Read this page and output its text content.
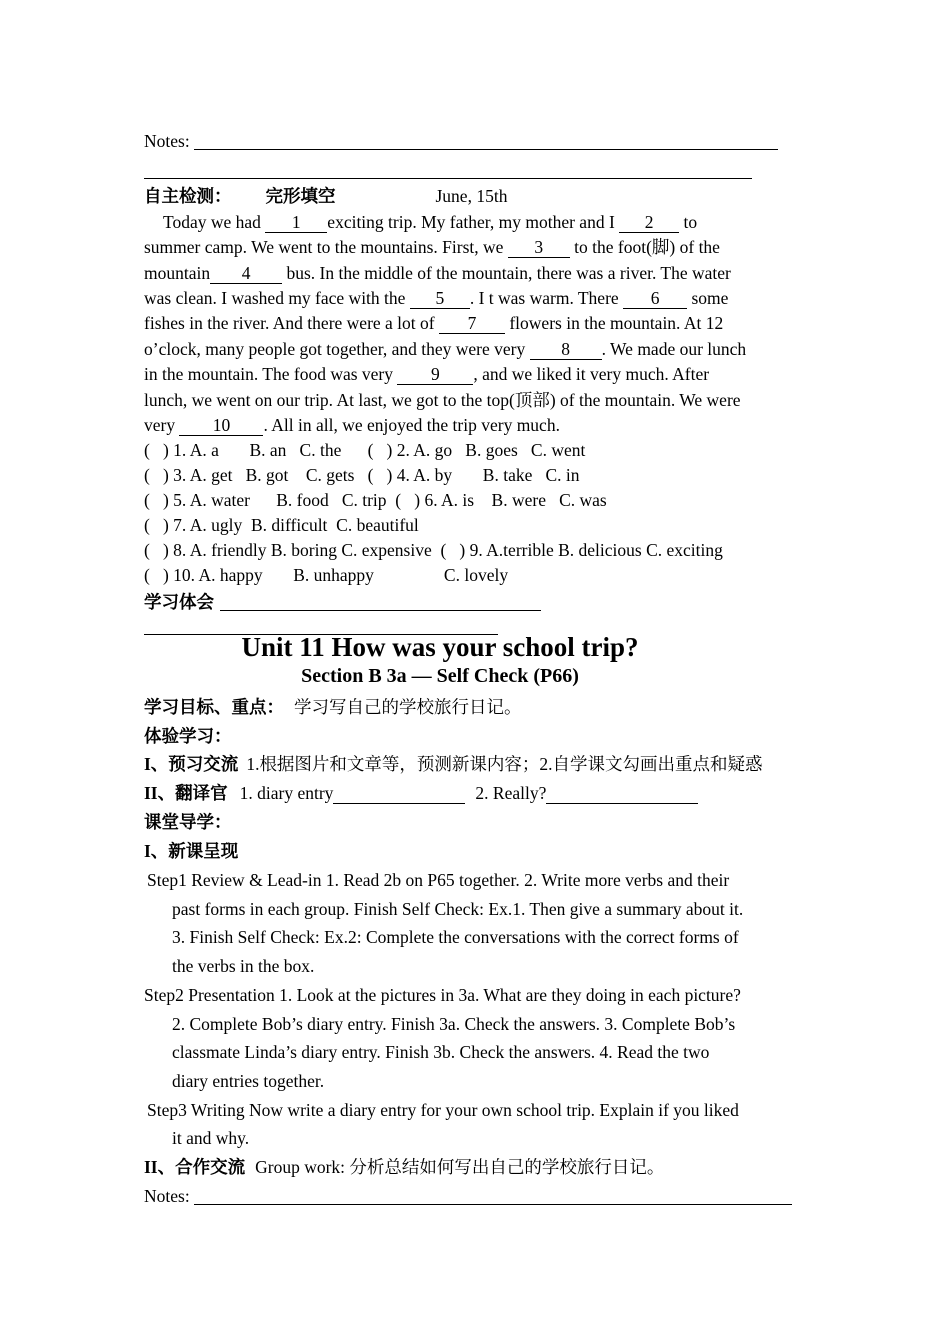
Notes:
自主检测： 完形填空	June, 15th
Today we had 1 exciting trip. My father, my mother and I 2 to
summer camp. We went to the mountains. First, we 3 to the foot(脚) of the
mountain 4 bus. In the middle of the mountain, there was a river. The water
was clean. I washed my face with the 5 . I t was warm. There 6 some
fishes in the river. And there were a lot of 7 flowers in the mountain. At 12
o’clock, many people got together, and they were very 8 . We made our lunch
in the mountain. The food was very 9 , and we liked it very much. After
lunch, we went on our trip. At last, we got to the top(顶部) of the mountain. We were
very 10 . All in all, we enjoyed the trip very much.
(   ) 1. A. a       B. an   C. the      (   ) 2. A. go   B. goes   C. went
(   ) 3. A. get   B. got    C. gets   (   ) 4. A. by       B. take   C. in
(   ) 5. A. water      B. food   C. trip  (   ) 6. A. is    B. were   C. was
(   ) 7. A. ugly  B. difficult  C. beautiful
(   ) 8. A. friendly B. boring C. expensive  (   ) 9. A.terrible B. delicious C. exciting
(   ) 10. A. happy       B. unhappy                C. lovely
学习体会
Unit 11 How was your school trip?
Section B 3a — Self Check (P66)
学习目标、重点： 学习写自己的学校旅行日记。
体验学习：
I、预习交流 1.根据图片和文章等，预测新课内容；2.自学课文勾画出重点和疑惑
II、翻译官 1. diary entry	2. Really?
课堂导学：
I、新课呈现
Step1 Review & Lead-in 1. Read 2b on P65 together. 2. Write more verbs and their
past forms in each group. Finish Self Check: Ex.1. Then give a summary about it.
3. Finish Self Check: Ex.2: Complete the conversations with the correct forms of
the verbs in the box.
Step2 Presentation 1. Look at the pictures in 3a. What are they doing in each picture?
2. Complete Bob’s diary entry. Finish 3a. Check the answers. 3. Complete Bob’s
classmate Linda’s diary entry. Finish 3b. Check the answers. 4. Read the two
diary entries together.
Step3 Writing Now write a diary entry for your own school trip. Explain if you liked
it and why.
II、合作交流 Group work: 分析总结如何写出自己的学校旅行日记。
Notes:
